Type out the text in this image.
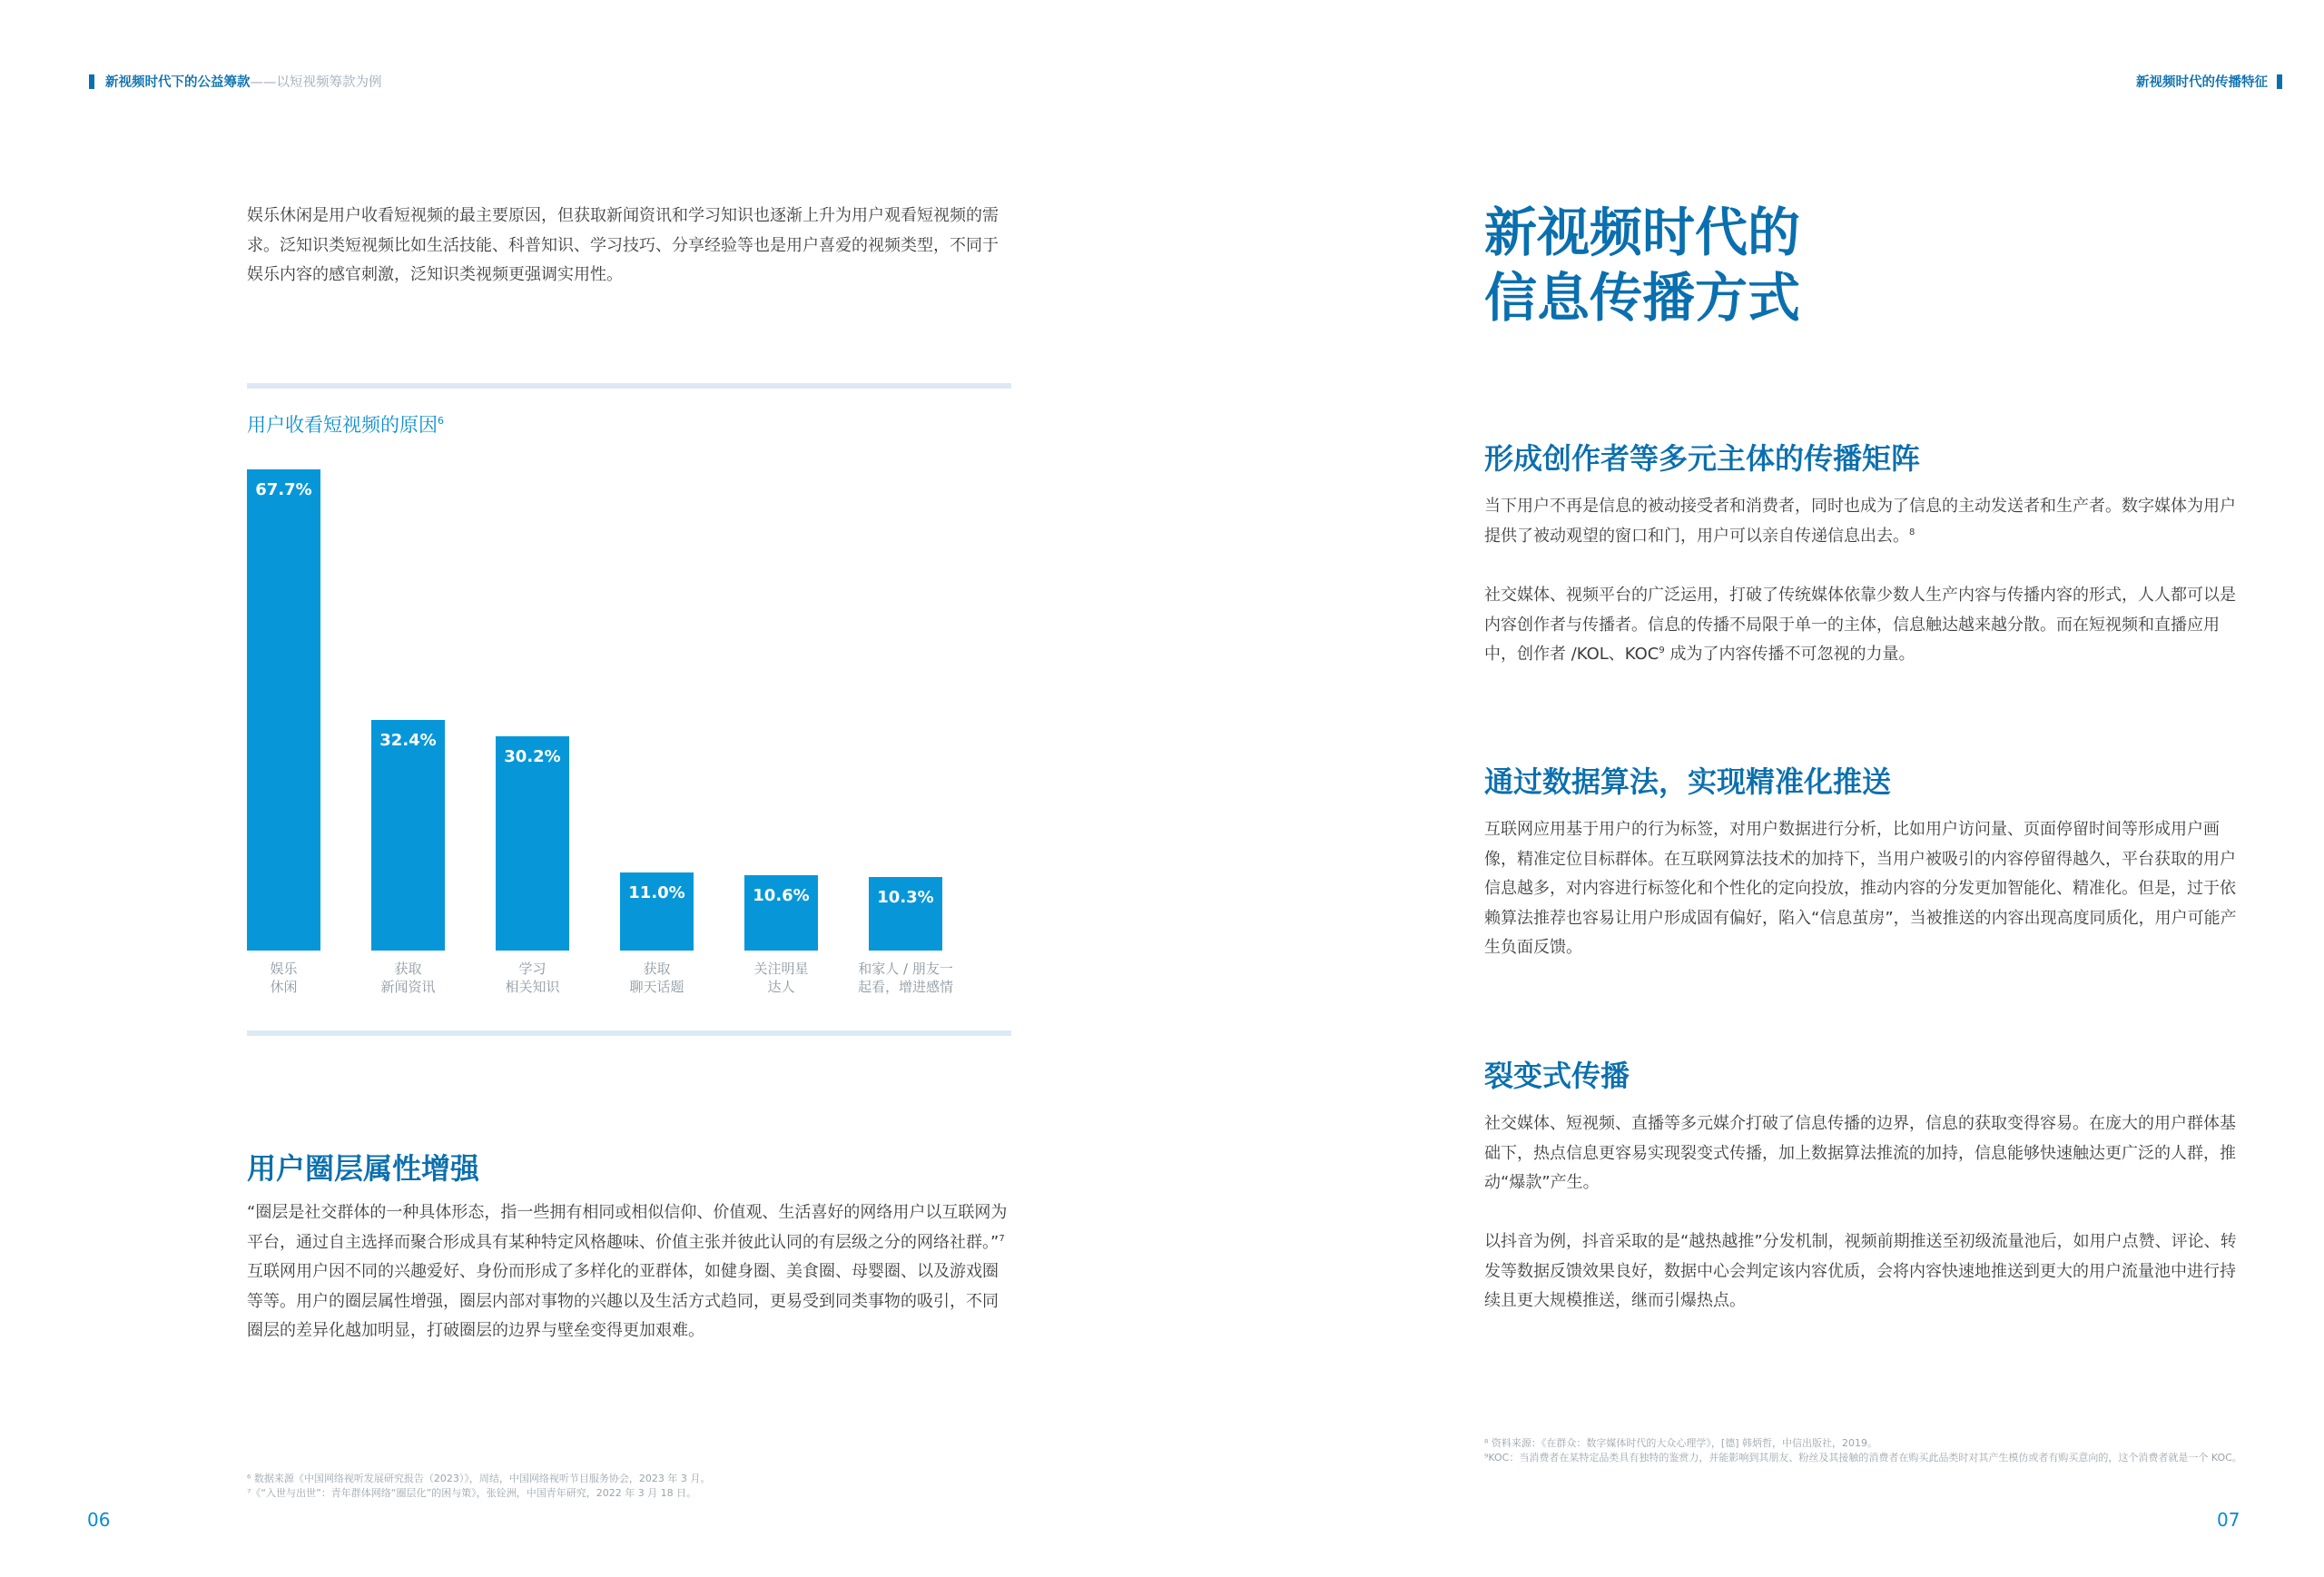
新视频时代下的公益筹款 ——以短视频筹款为例	新视频时代的传播特征

娱乐休闲是用户收看短视频的最主要原因，但获取新闻资讯和学习知识也逐渐上升为用户观看短视频的需求。泛知识类短视频比如生活技能、科普知识、学习技巧、分享经验等也是用户喜爱的视频类型，不同于娱乐内容的感官刺激，泛知识类视频更强调实用性。

用户收看短视频的原因$^6$
67.7%
娱乐
休闲
32.4%
获取
新闻资讯
30.2%
学习
相关知识
11.0%
获取
聊天话题
10.6%
关注明星
达人
10.3%
和家人 / 朋友一
起看，增进感情
用户圈层属性增强

“圈层是社交群体的一种具体形态，指一些拥有相同或相似信仰、价值观、生活喜好的网络用户以互联网为平台，通过自主选择而聚合形成具有某种特定风格趣味、价值主张并彼此认同的有层级之分的网络社群。”$^7$互联网用户因不同的兴趣爱好、身份而形成了多样化的亚群体，如健身圈、美食圈、母婴圈、以及游戏圈等等。用户的圈层属性增强，圈层内部对事物的兴趣以及生活方式趋同，更易受到同类事物的吸引，不同圈层的差异化越加明显，打破圈层的边界与壁垒变得更加艰难。

⁶ 数据来源《中国网络视听发展研究报告（2023）》，周结，中国网络视听节目服务协会，2023 年 3 月。
⁷《“入世与出世”：青年群体网络“圈层化”的困与策》，张铨洲，中国青年研究，2022 年 3 月 18 日。
06
新视频时代的
信息传播方式
形成创作者等多元主体的传播矩阵

当下用户不再是信息的被动接受者和消费者，同时也成为了信息的主动发送者和生产者。数字媒体为用户提供了被动观望的窗口和门，用户可以亲自传递信息出去。$^8$

社交媒体、视频平台的广泛运用，打破了传统媒体依靠少数人生产内容与传播内容的形式，人人都可以是内容创作者与传播者。信息的传播不局限于单一的主体，信息触达越来越分散。而在短视频和直播应用中，创作者 /KOL、KOC$^9$ 成为了内容传播不可忽视的力量。

通过数据算法，实现精准化推送

互联网应用基于用户的行为标签，对用户数据进行分析，比如用户访问量、页面停留时间等形成用户画像，精准定位目标群体。在互联网算法技术的加持下，当用户被吸引的内容停留得越久，平台获取的用户信息越多，对内容进行标签化和个性化的定向投放，推动内容的分发更加智能化、精准化。但是，过于依赖算法推荐也容易让用户形成固有偏好，陷入“信息茧房”，当被推送的内容出现高度同质化，用户可能产生负面反馈。

裂变式传播

社交媒体、短视频、直播等多元媒介打破了信息传播的边界，信息的获取变得容易。在庞大的用户群体基础下，热点信息更容易实现裂变式传播，加上数据算法推流的加持，信息能够快速触达更广泛的人群，推动“爆款”产生。

以抖音为例，抖音采取的是“越热越推”分发机制，视频前期推送至初级流量池后，如用户点赞、评论、转发等数据反馈效果良好，数据中心会判定该内容优质，会将内容快速地推送到更大的用户流量池中进行持续且更大规模推送，继而引爆热点。

⁸ 资料来源：《在群众：数字媒体时代的大众心理学》，[德] 韩炳哲，中信出版社，2019。
⁹KOC：当消费者在某特定品类具有独特的鉴赏力，并能影响到其朋友、粉丝及其接触的消费者在购买此品类时对其产生模仿或者有购买意向的，这个消费者就是一个 KOC。
07
